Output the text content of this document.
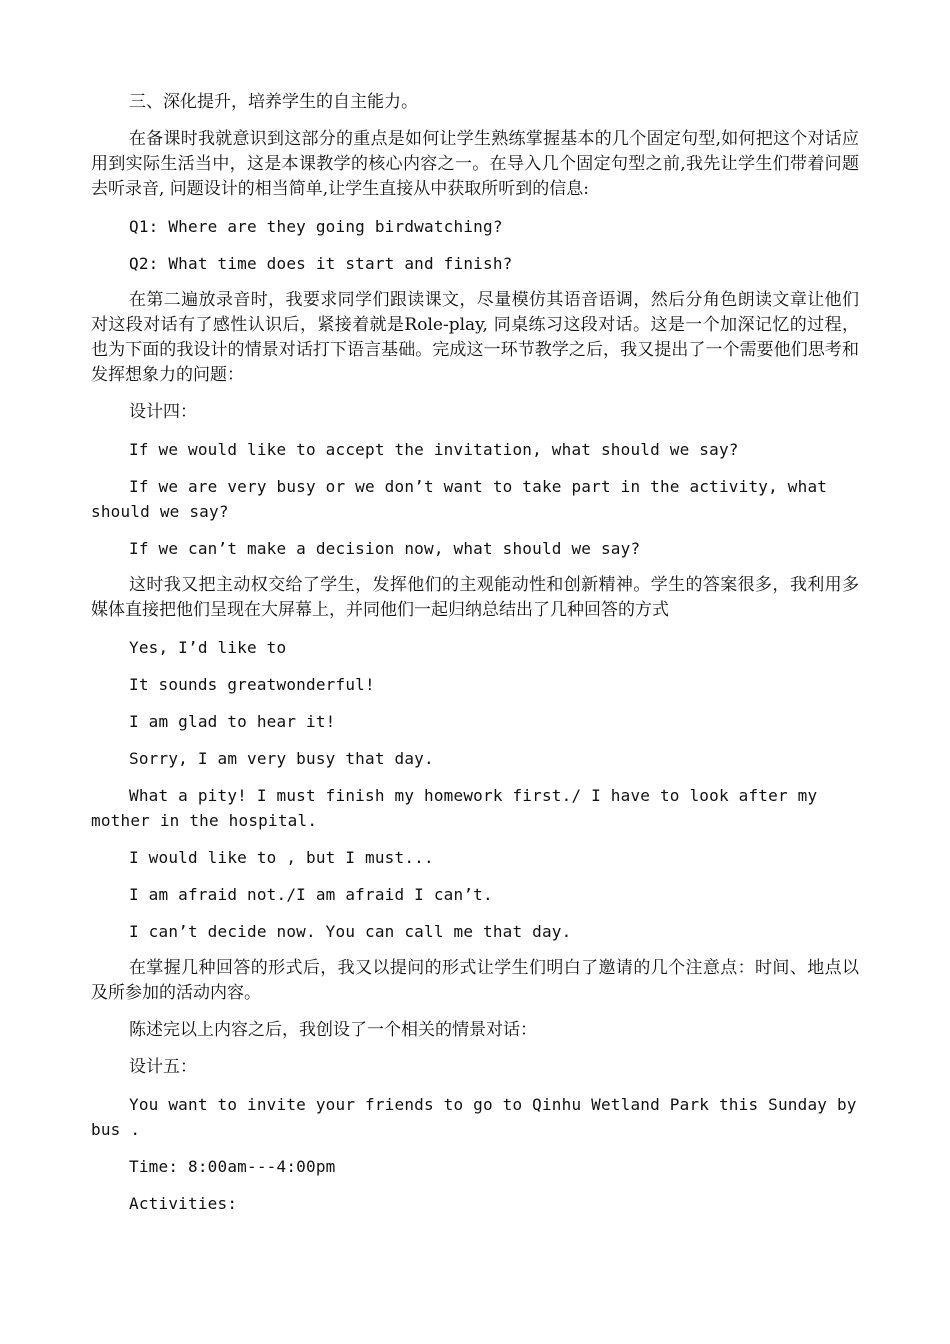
三、深化提升，培养学生的自主能力。

在备课时我就意识到这部分的重点是如何让学生熟练掌握基本的几个固定句型,如何把这个对话应用到实际生活当中，这是本课教学的核心内容之一。在导入几个固定句型之前,我先让学生们带着问题去听录音, 问题设计的相当简单,让学生直接从中获取所听到的信息:

Q1: Where are they going birdwatching?

Q2: What time does it start and finish?

在第二遍放录音时，我要求同学们跟读课文，尽量模仿其语音语调，然后分角色朗读文章让他们对这段对话有了感性认识后，紧接着就是Role-play, 同桌练习这段对话。这是一个加深记忆的过程，也为下面的我设计的情景对话打下语言基础。完成这一环节教学之后，我又提出了一个需要他们思考和发挥想象力的问题：

设计四：

If we would like to accept the invitation, what should we say?

If we are very busy or we don’t want to take part in the activity, what should we say?

If we can’t make a decision now, what should we say?

这时我又把主动权交给了学生，发挥他们的主观能动性和创新精神。学生的答案很多，我利用多媒体直接把他们呈现在大屏幕上，并同他们一起归纳总结出了几种回答的方式

Yes, I’d like to

It sounds greatwonderful!

I am glad to hear it!

Sorry, I am very busy that day.

What a pity! I must finish my homework first./ I have to look after my mother in the hospital.

I would like to , but I must...

I am afraid not./I am afraid I can’t.

I can’t decide now. You can call me that day.

在掌握几种回答的形式后，我又以提问的形式让学生们明白了邀请的几个注意点：时间、地点以及所参加的活动内容。

陈述完以上内容之后，我创设了一个相关的情景对话：

设计五：

You want to invite your friends to go to Qinhu Wetland Park this Sunday by bus .

Time: 8:00am---4:00pm

Activities:
